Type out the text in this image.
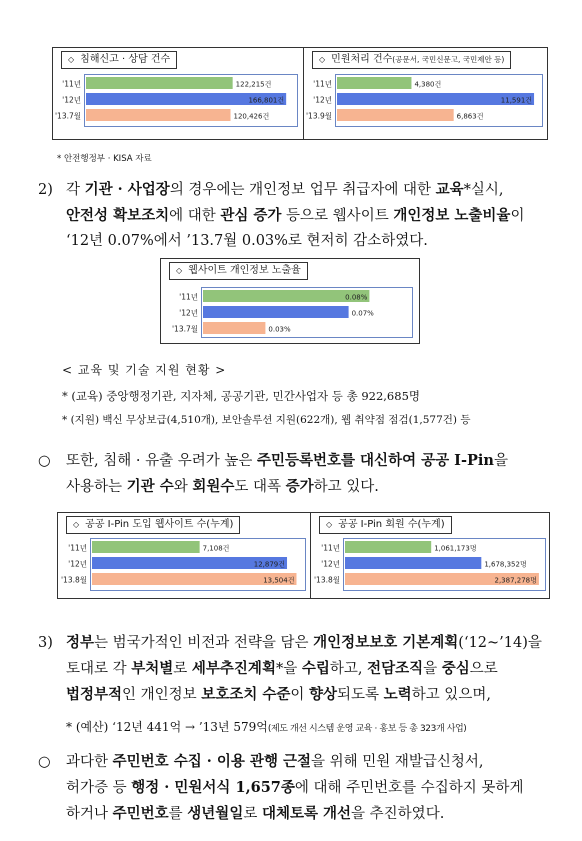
◇ 침해신고 · 상담 건수
'11년	122,215건
'12년	166,801건
'13.7월	120,426건
◇ 민원처리 건수(공문서, 국민신문고, 국민제안 등)
'11년	4,380건
'12년	11,591건
'13.9월	6,863건
* 안전행정부 · KISA 자료
2) 각 기관 · 사업장의 경우에는 개인정보 업무 취급자에 대한 교육*실시,
안전성 확보조치에 대한 관심 증가 등으로 웹사이트 개인정보 노출비율이
‘12년 0.07%에서 ’13.7월 0.03%로 현저히 감소하였다.
◇ 웹사이트 개인정보 노출율
'11년	0.08%
'12년	0.07%
'13.7월	0.03%
< 교육 및 기술 지원 현황 >
* (교육) 중앙행정기관, 지자체, 공공기관, 민간사업자 등 총 922,685명
* (지원) 백신 무상보급(4,510개), 보안솔루션 지원(622개), 웹 취약점 점검(1,577건) 등
○ 또한, 침해 · 유출 우려가 높은 주민등록번호를 대신하여 공공 I-Pin을
사용하는 기관 수와 회원수도 대폭 증가하고 있다.
◇ 공공 I-Pin 도입 웹사이트 수(누계)
'11년	7,108건
'12년	12,879건
'13.8월	13,504건
◇ 공공 I-Pin 회원 수(누계)
'11년	1,061,173명
'12년	1,678,352명
'13.8월	2,387,278명
3) 정부는 범국가적인 비전과 전략을 담은 개인정보보호 기본계획(‘12~’14)을
토대로 각 부처별로 세부추진계획*을 수립하고, 전담조직을 중심으로
법정부적인 개인정보 보호조치 수준이 향상되도록 노력하고 있으며,
* (예산) ‘12년 441억 → ’13년 579억(제도 개선 시스템 운영 교육 · 홍보 등 총 323개 사업)
○ 과다한 주민번호 수집 · 이용 관행 근절을 위해 민원 재발급신청서,
허가증 등 행정 · 민원서식 1,657종에 대해 주민번호를 수집하지 못하게
하거나 주민번호를 생년월일로 대체토록 개선을 추진하였다.
